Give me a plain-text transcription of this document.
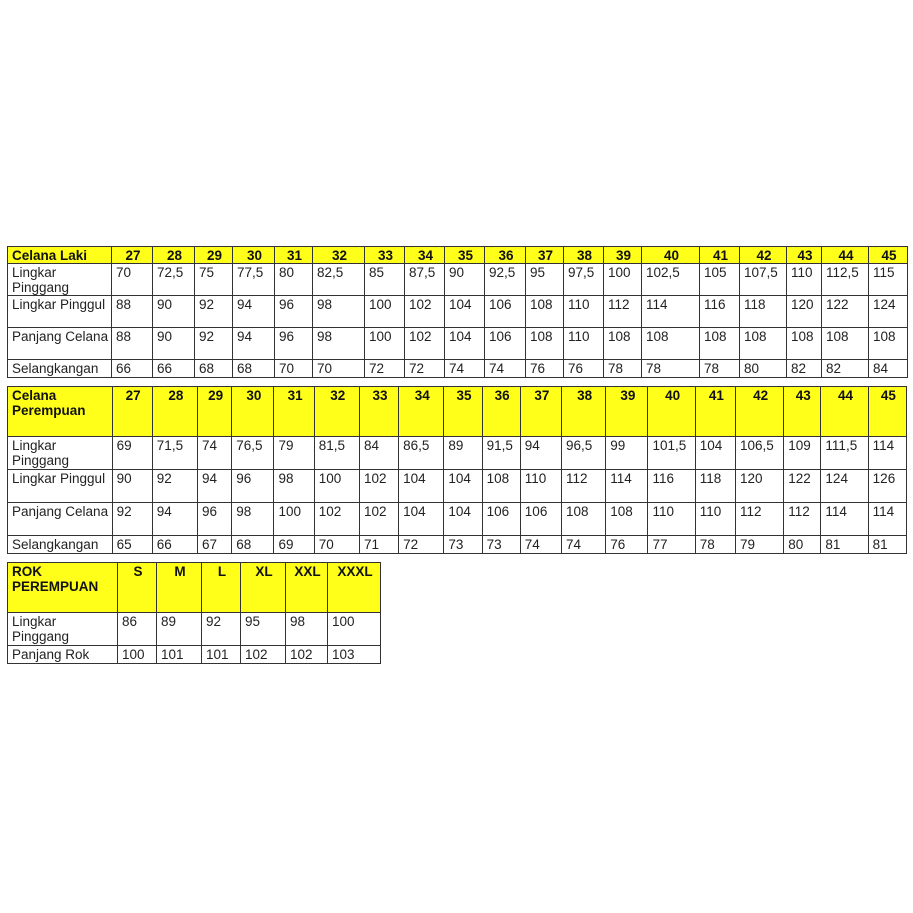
Celana Laki	27	28	29	30	31	32	33	34	35	36	37	38	39	40	41	42	43	44	45
Lingkar Pinggang	70	72,5	75	77,5	80	82,5	85	87,5	90	92,5	95	97,5	100	102,5	105	107,5	110	112,5	115
Lingkar Pinggul	88	90	92	94	96	98	100	102	104	106	108	110	112	114	116	118	120	122	124
Panjang Celana	88	90	92	94	96	98	100	102	104	106	108	110	108	108	108	108	108	108	108
Selangkangan	66	66	68	68	70	70	72	72	74	74	76	76	78	78	78	80	82	82	84
Celana Perempuan	27	28	29	30	31	32	33	34	35	36	37	38	39	40	41	42	43	44	45
Lingkar Pinggang	69	71,5	74	76,5	79	81,5	84	86,5	89	91,5	94	96,5	99	101,5	104	106,5	109	111,5	114
Lingkar Pinggul	90	92	94	96	98	100	102	104	104	108	110	112	114	116	118	120	122	124	126
Panjang Celana	92	94	96	98	100	102	102	104	104	106	106	108	108	110	110	112	112	114	114
Selangkangan	65	66	67	68	69	70	71	72	73	73	74	74	76	77	78	79	80	81	81
ROK PEREMPUAN	S	M	L	XL	XXL	XXXL
Lingkar Pinggang	86	89	92	95	98	100
Panjang Rok	100	101	101	102	102	103
